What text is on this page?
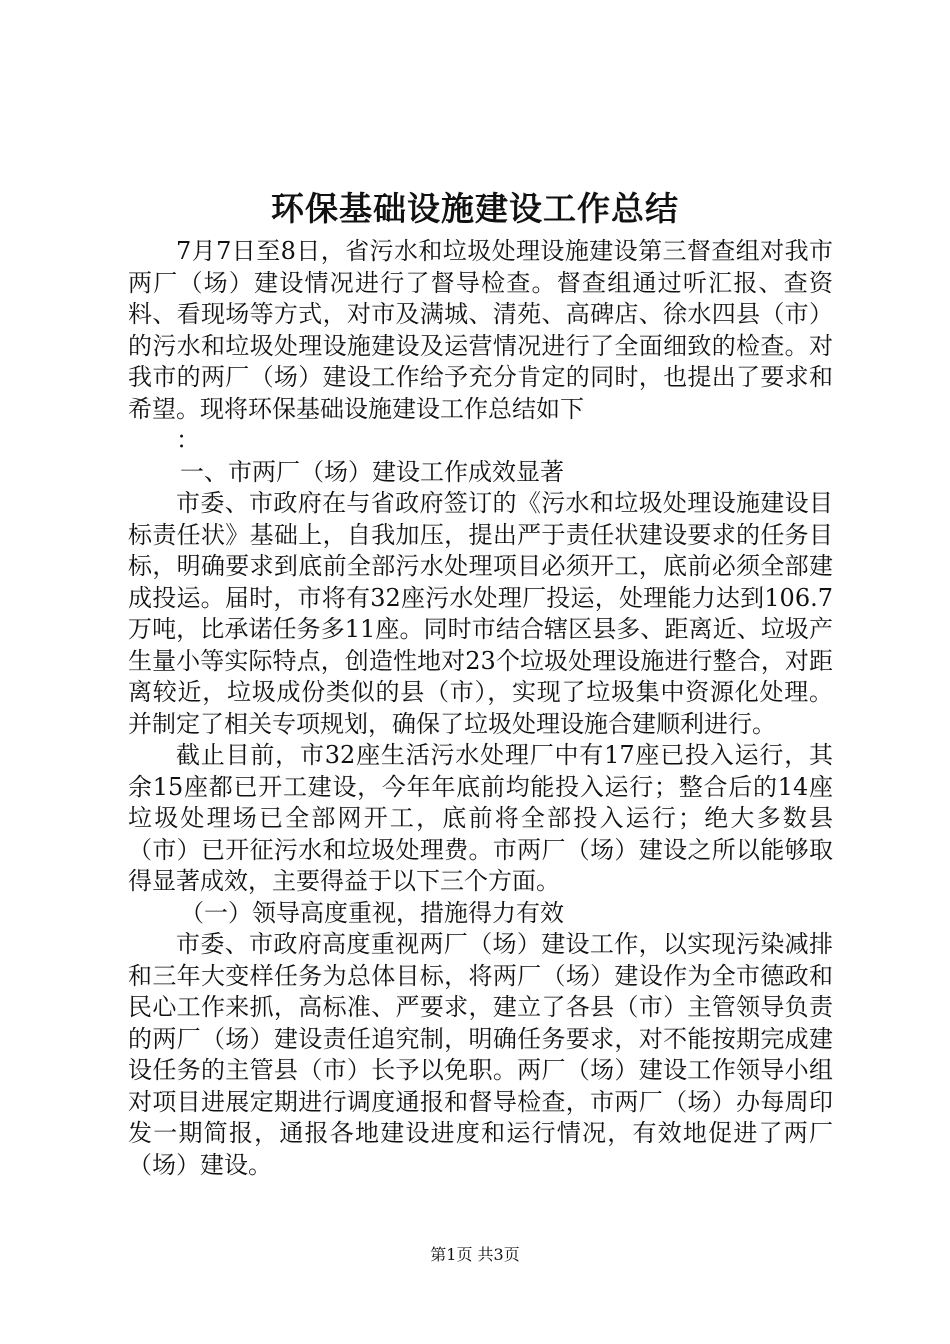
环保基础设施建设工作总结

7月7日至8日，省污水和垃圾处理设施建设第三督查组对我市两厂（场）建设情况进行了督导检查。督查组通过听汇报、查资料、看现场等方式，对市及满城、清苑、高碑店、徐水四县（市）的污水和垃圾处理设施建设及运营情况进行了全面细致的检查。对我市的两厂（场）建设工作给予充分肯定的同时，也提出了要求和希望。现将环保基础设施建设工作总结如下

：

一、市两厂（场）建设工作成效显著

市委、市政府在与省政府签订的《污水和垃圾处理设施建设目标责任状》基础上，自我加压，提出严于责任状建设要求的任务目标，明确要求到底前全部污水处理项目必须开工，底前必须全部建成投运。届时，市将有32座污水处理厂投运，处理能力达到106.7万吨，比承诺任务多11座。同时市结合辖区县多、距离近、垃圾产生量小等实际特点，创造性地对23个垃圾处理设施进行整合，对距离较近，垃圾成份类似的县（市），实现了垃圾集中资源化处理。并制定了相关专项规划，确保了垃圾处理设施合建顺利进行。

截止目前，市32座生活污水处理厂中有17座已投入运行，其余15座都已开工建设，今年年底前均能投入运行；整合后的14座垃圾处理场已全部网开工，底前将全部投入运行；绝大多数县（市）已开征污水和垃圾处理费。市两厂（场）建设之所以能够取得显著成效，主要得益于以下三个方面。

（一）领导高度重视，措施得力有效

市委、市政府高度重视两厂（场）建设工作，以实现污染减排和三年大变样任务为总体目标，将两厂（场）建设作为全市德政和民心工作来抓，高标准、严要求，建立了各县（市）主管领导负责的两厂（场）建设责任追究制，明确任务要求，对不能按期完成建设任务的主管县（市）长予以免职。两厂（场）建设工作领导小组对项目进展定期进行调度通报和督导检查，市两厂（场）办每周印发一期简报，通报各地建设进度和运行情况，有效地促进了两厂（场）建设。

第1页 共3页
